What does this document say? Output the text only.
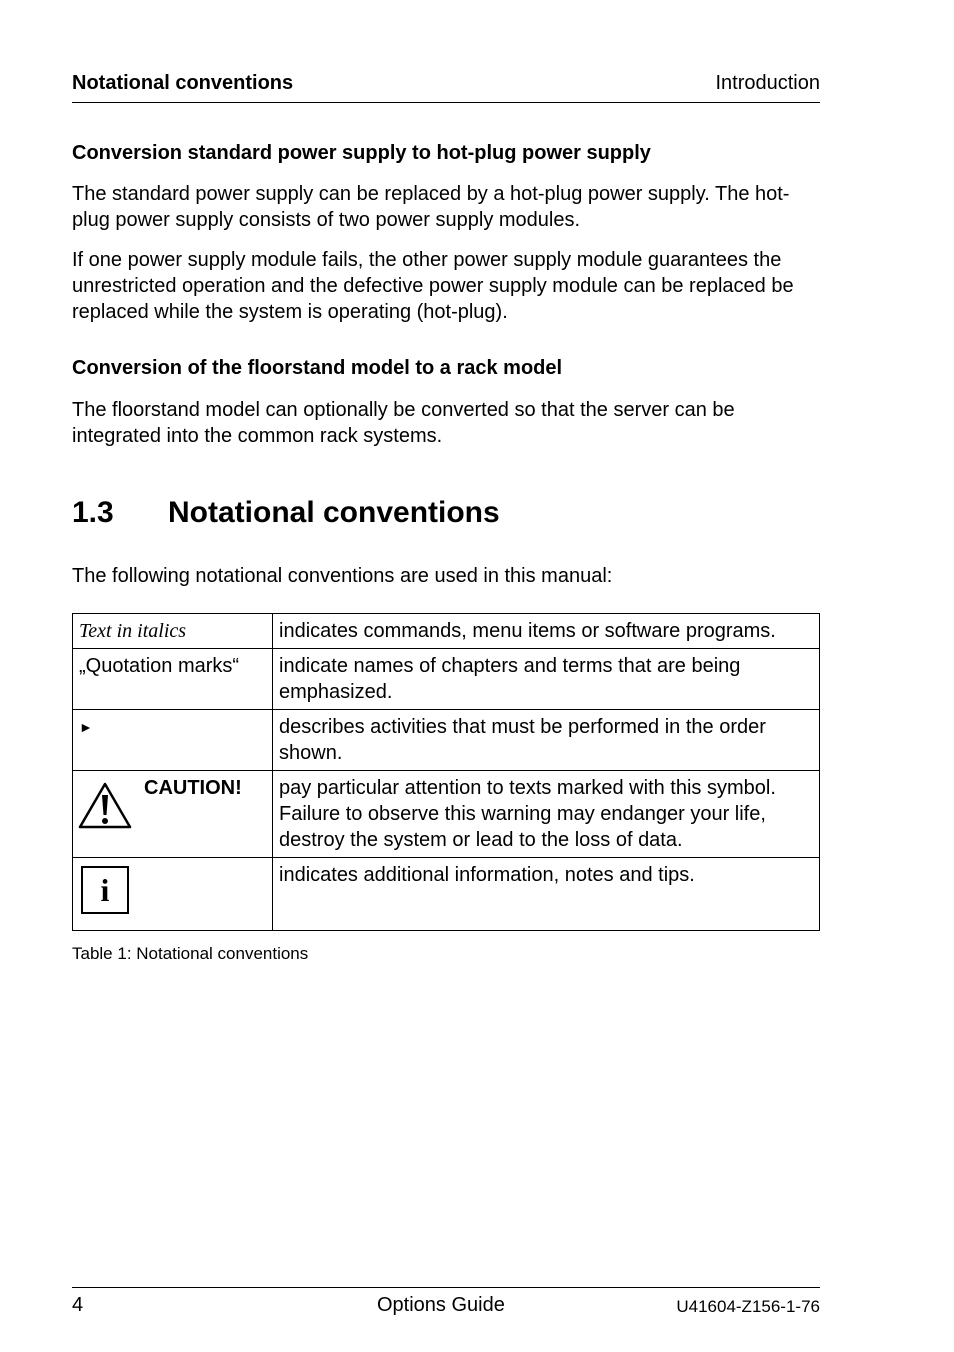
Notational conventions	Introduction
Conversion standard power supply to hot-plug power supply
The standard power supply can be replaced by a hot-plug power supply. The hot-plug power supply consists of two power supply modules.
If one power supply module fails, the other power supply module guarantees the unrestricted operation and the defective power supply module can be replaced be replaced while the system is operating (hot-plug).
Conversion of the floorstand model to a rack model
The floorstand model can optionally be converted so that the server can be integrated into the common rack systems.
1.3 Notational conventions
The following notational conventions are used in this manual:
Text in italics	indicates commands, menu items or software programs.
„Quotation marks“	indicate names of chapters and terms that are being emphasized.
►	describes activities that must be performed in the order shown.

CAUTION!	pay particular attention to texts marked with this symbol. Failure to observe this warning may endanger your life, destroy the system or lead to the loss of data.
i	indicates additional information, notes and tips.
Table 1: Notational conventions
4	Options Guide	U41604-Z156-1-76
